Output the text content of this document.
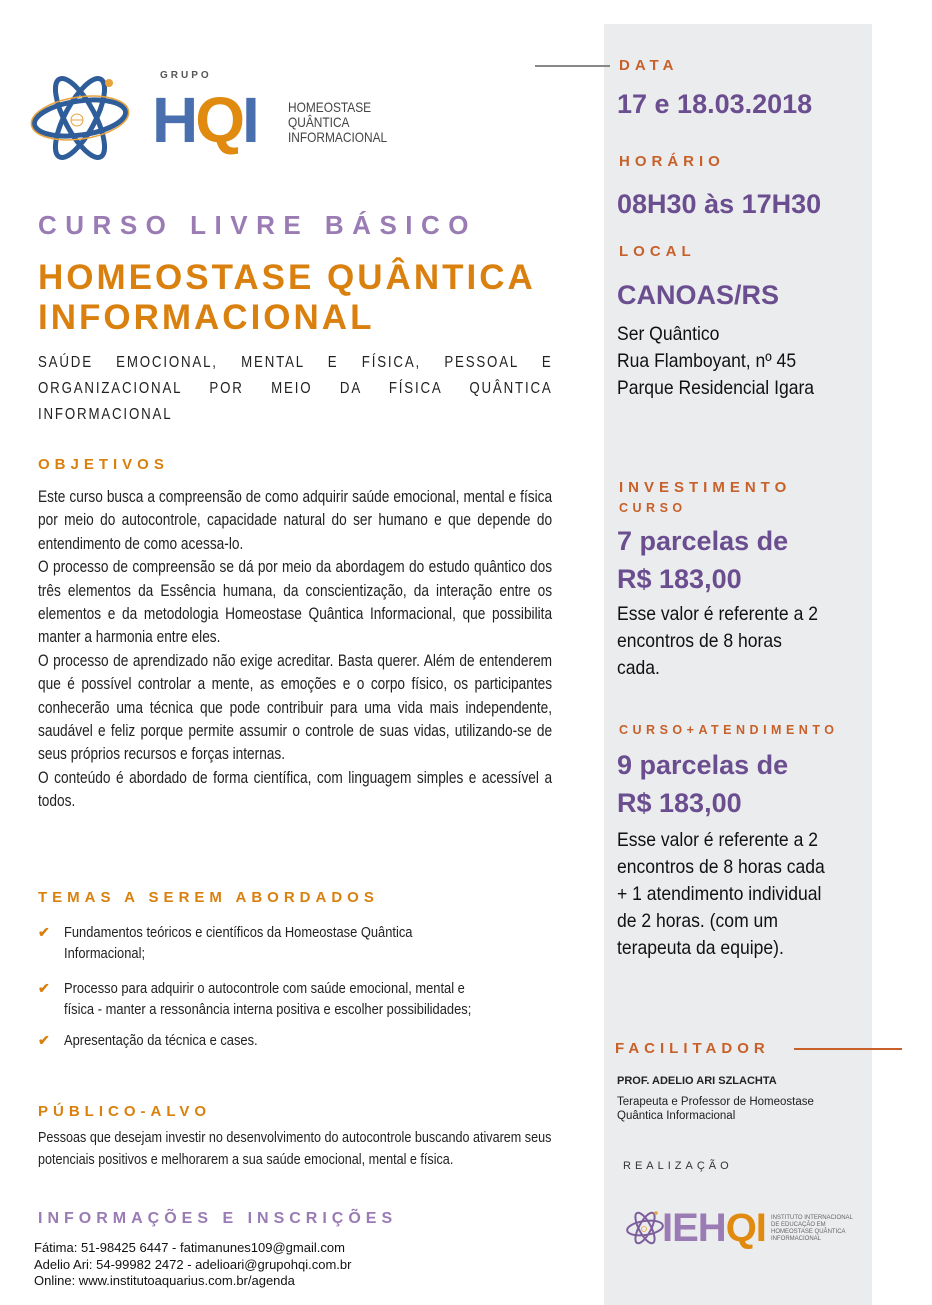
GRUPO
HQI HOMEOSTASE
QUÂNTICA
INFORMACIONAL
CURSO LIVRE BÁSICO
HOMEOSTASE QUÂNTICA
INFORMACIONAL
SAÚDE EMOCIONAL, MENTAL E FÍSICA, PESSOAL E ORGANIZACIONAL POR MEIO DA FÍSICA QUÂNTICA INFORMACIONAL
OBJETIVOS

Este curso busca a compreensão de como adquirir saúde emocional, mental e física por meio do autocontrole, capacidade natural do ser humano e que depende do entendimento de como acessa-lo.

O processo de compreensão se dá por meio da abordagem do estudo quântico dos três elementos da Essência humana, da conscientização, da interação entre os elementos e da metodologia Homeostase Quântica Informacional, que possibilita manter a harmonia entre eles.

O processo de aprendizado não exige acreditar. Basta querer. Além de entenderem que é possível controlar a mente, as emoções e o corpo físico, os participantes conhecerão uma técnica que pode contribuir para uma vida mais independente, saudável e feliz porque permite assumir o controle de suas vidas, utilizando-se de seus próprios recursos e forças internas.

O conteúdo é abordado de forma científica, com linguagem simples e acessível a todos.

TEMAS A SEREM ABORDADOS
✔ Fundamentos teóricos e científicos da Homeostase Quântica Informacional;
✔ Processo para adquirir o autocontrole com saúde emocional, mental e física - manter a ressonância interna positiva e escolher possibilidades;
✔ Apresentação da técnica e cases.
PÚBLICO-ALVO
Pessoas que desejam investir no desenvolvimento do autocontrole buscando ativarem seus potenciais positivos e melhorarem a sua saúde emocional, mental e física.
INFORMAÇÕES E INSCRIÇÕES
Fátima: 51-98425 6447 - fatimanunes109@gmail.com
Adelio Ari: 54-99982 2472 - adelioari@grupohqi.com.br
Online: www.institutoaquarius.com.br/agenda
DATA
17 e 18.03.2018
HORÁRIO
08H30 às 17H30
LOCAL
CANOAS/RS
Ser Quântico
Rua Flamboyant, nº 45
Parque Residencial Igara
INVESTIMENTO
CURSO
7 parcelas de
R$ 183,00
Esse valor é referente a 2
encontros de 8 horas
cada.
CURSO+ATENDIMENTO
9 parcelas de
R$ 183,00
Esse valor é referente a 2
encontros de 8 horas cada
+ 1 atendimento individual
de 2 horas. (com um
terapeuta da equipe).
FACILITADOR
PROF. ADELIO ARI SZLACHTA
Terapeuta e Professor de Homeostase
Quântica Informacional
REALIZAÇÃO
IEHQI INSTITUTO INTERNACIONAL
DE EDUCAÇÃO EM
HOMEOSTASE QUÂNTICA
INFORMACIONAL
